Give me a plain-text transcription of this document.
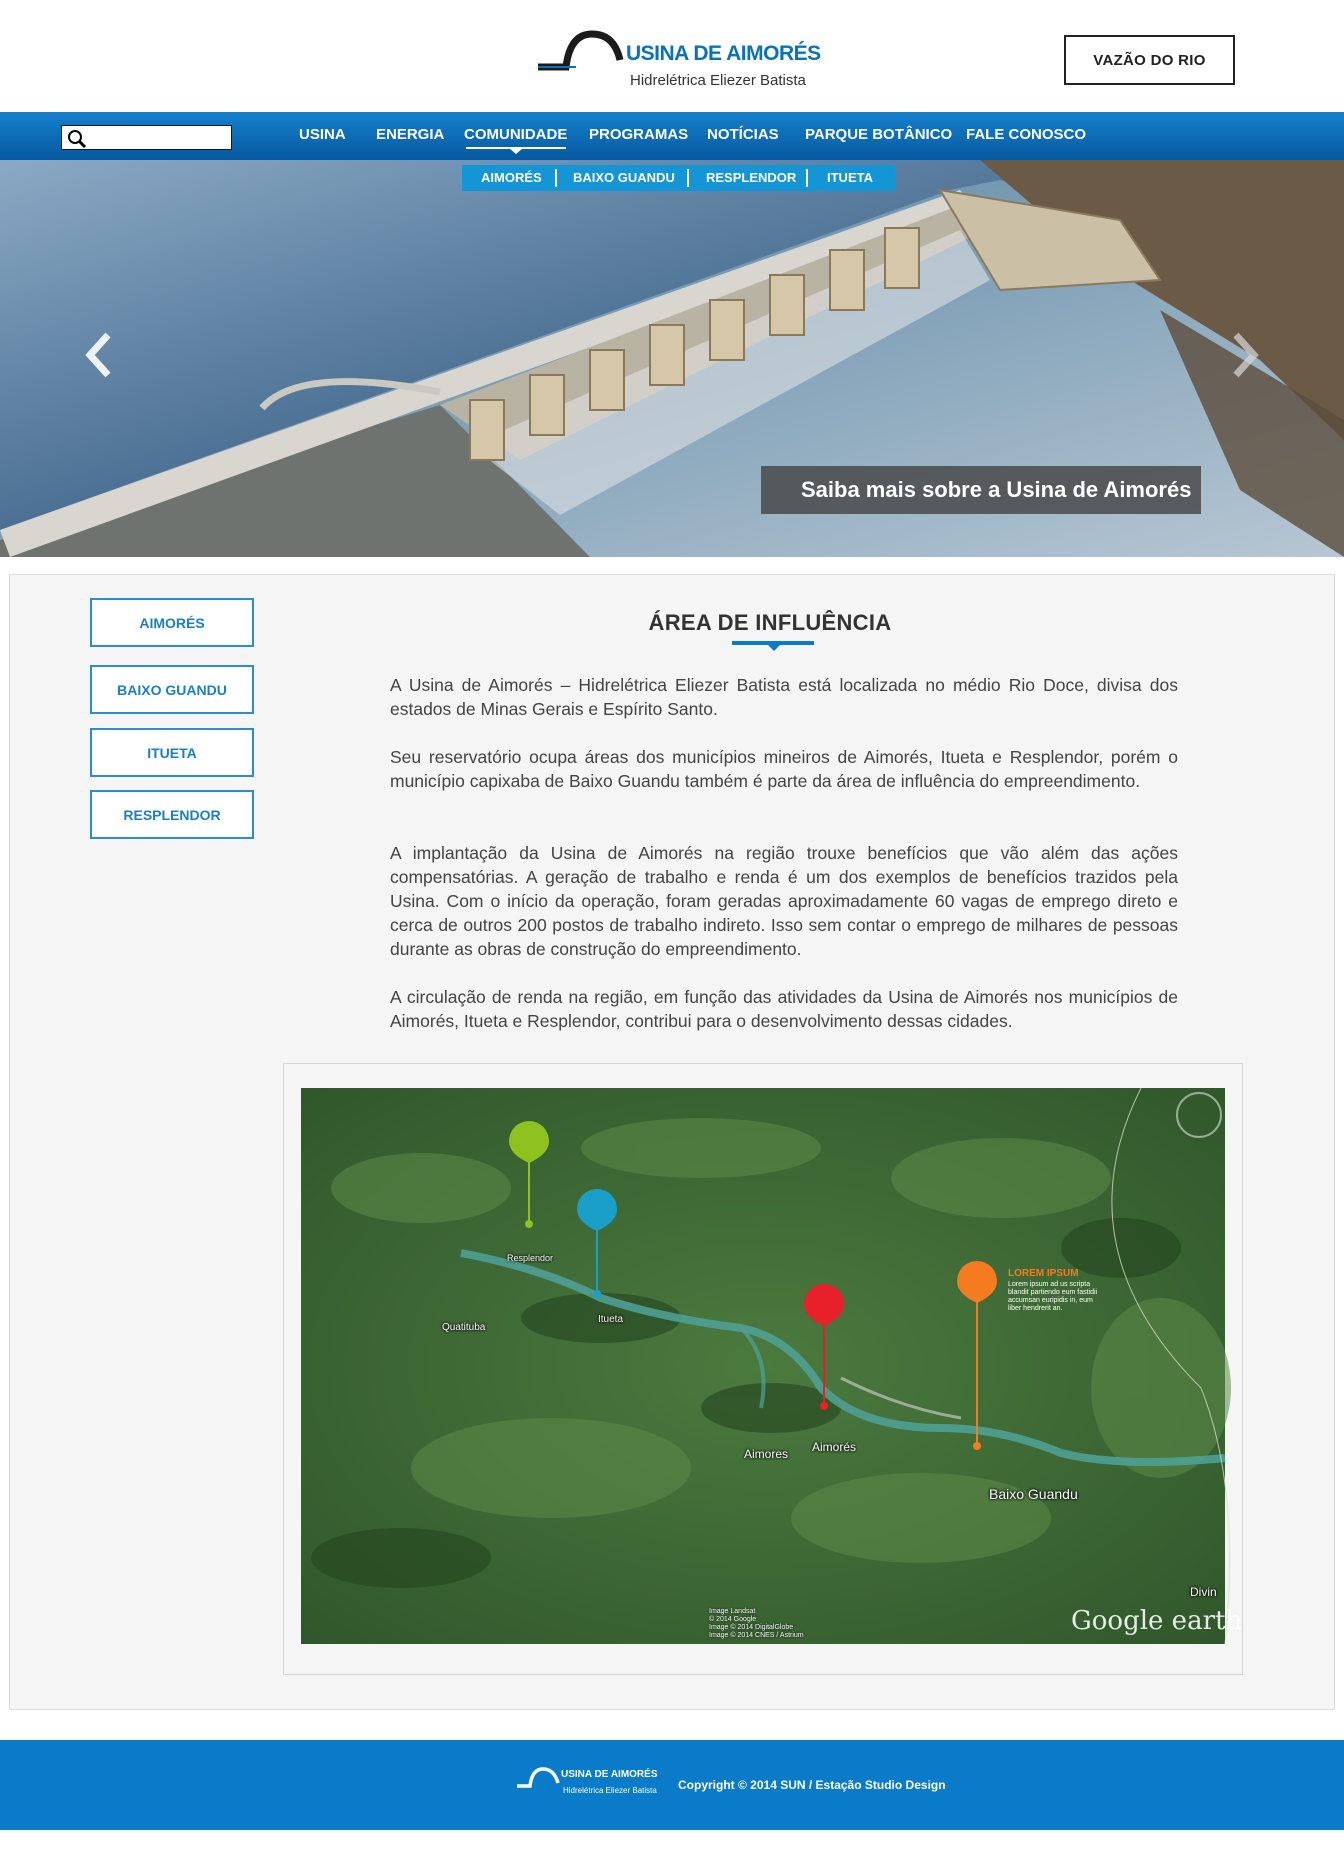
USINA DE AIMORÉS
Hidrelétrica Eliezer Batista
VAZÃO DO RIO
USINA ENERGIA COMUNIDADE PROGRAMAS NOTÍCIAS PARQUE BOTÂNICO FALE CONOSCO
Saiba mais sobre a Usina de Aimorés
AIMORÉS BAIXO GUANDU RESPLENDOR ITUETA
AIMORÉS
BAIXO GUANDU
ITUETA
RESPLENDOR
ÁREA DE INFLUÊNCIA

A Usina de Aimorés – Hidrelétrica Eliezer Batista está localizada no médio Rio Doce, divisa dos estados de Minas Gerais e Espírito Santo.

Seu reservatório ocupa áreas dos municípios mineiros de Aimorés, Itueta e Resplendor, porém o município capixaba de Baixo Guandu também é parte da área de influência do empreendimento.

A implantação da Usina de Aimorés na região trouxe benefícios que vão além das ações compensatórias. A geração de trabalho e renda é um dos exemplos de benefícios trazidos pela Usina. Com o início da operação, foram geradas aproximadamente 60 vagas de emprego direto e cerca de outros 200 postos de trabalho indireto. Isso sem contar o emprego de milhares de pessoas durante as obras de construção do empreendimento.

A circulação de renda na região, em função das atividades da Usina de Aimorés nos municípios de Aimorés, Itueta e Resplendor, contribui para o desenvolvimento dessas cidades.

Resplendor
Quatituba
Itueta
Aimores Aimorés
Baixo Guandu
Divin
LOREM IPSUM

Lorem ipsum ad us scripta blandit partiendo eum fastidii accumsan euripidis in, eum liber hendrerit an.

Image Landsat
© 2014 Google
Image © 2014 DigitalGlobe
Image © 2014 CNES / Astrium	Google earth
USINA DE AIMORÉS
Hidrelétrica Eliezer Batista Copyright © 2014 SUN / Estação Studio Design
